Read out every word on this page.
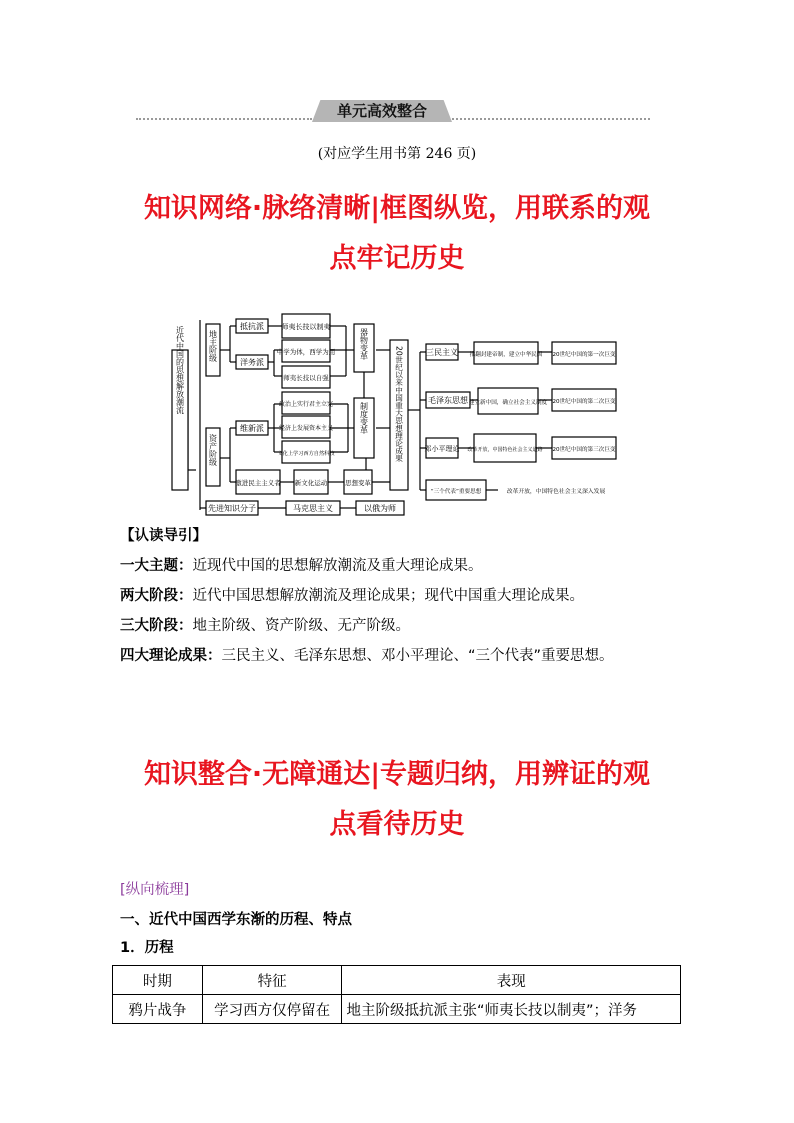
单元高效整合
(对应学生用书第 246 页)
知识网络·脉络清晰|框图纵览，用联系的观
点牢记历史
近代中国的思想解放潮流	地主阶级
抵抗派	师夷长技以制夷
洋务派
中学为体，西学为用
师夷长技以自强
器物变革
资产阶级
维新派
政治上实行君主立宪
经济上发展资本主义
文化上学习西方自然科技
制度变革
激进民主主义者 新文化运动	思想变革
先进知识分子	马克思主义	以俄为师
20世纪以来中国重大思想理论成果	三民主义 推翻封建帝制，建立中华民国 20世纪中国的第一次巨变
毛泽东思想 建立新中国，确立社会主义制度 20世纪中国的第二次巨变
邓小平理论 改革开放，中国特色社会主义道路 20世纪中国的第三次巨变
“三个代表”重要思想	改革开放，中国特色社会主义深入发展
【认读导引】
一大主题：近现代中国的思想解放潮流及重大理论成果。
两大阶段：近代中国思想解放潮流及理论成果；现代中国重大理论成果。
三大阶段：地主阶级、资产阶级、无产阶级。
四大理论成果：三民主义、毛泽东思想、邓小平理论、“三个代表”重要思想。
知识整合·无障通达|专题归纳，用辨证的观
点看待历史
[纵向梳理]
一、近代中国西学东渐的历程、特点
1．历程
时期	特征	表现
鸦片战争	学习西方仅停留在	地主阶级抵抗派主张“师夷长技以制夷”；洋务
